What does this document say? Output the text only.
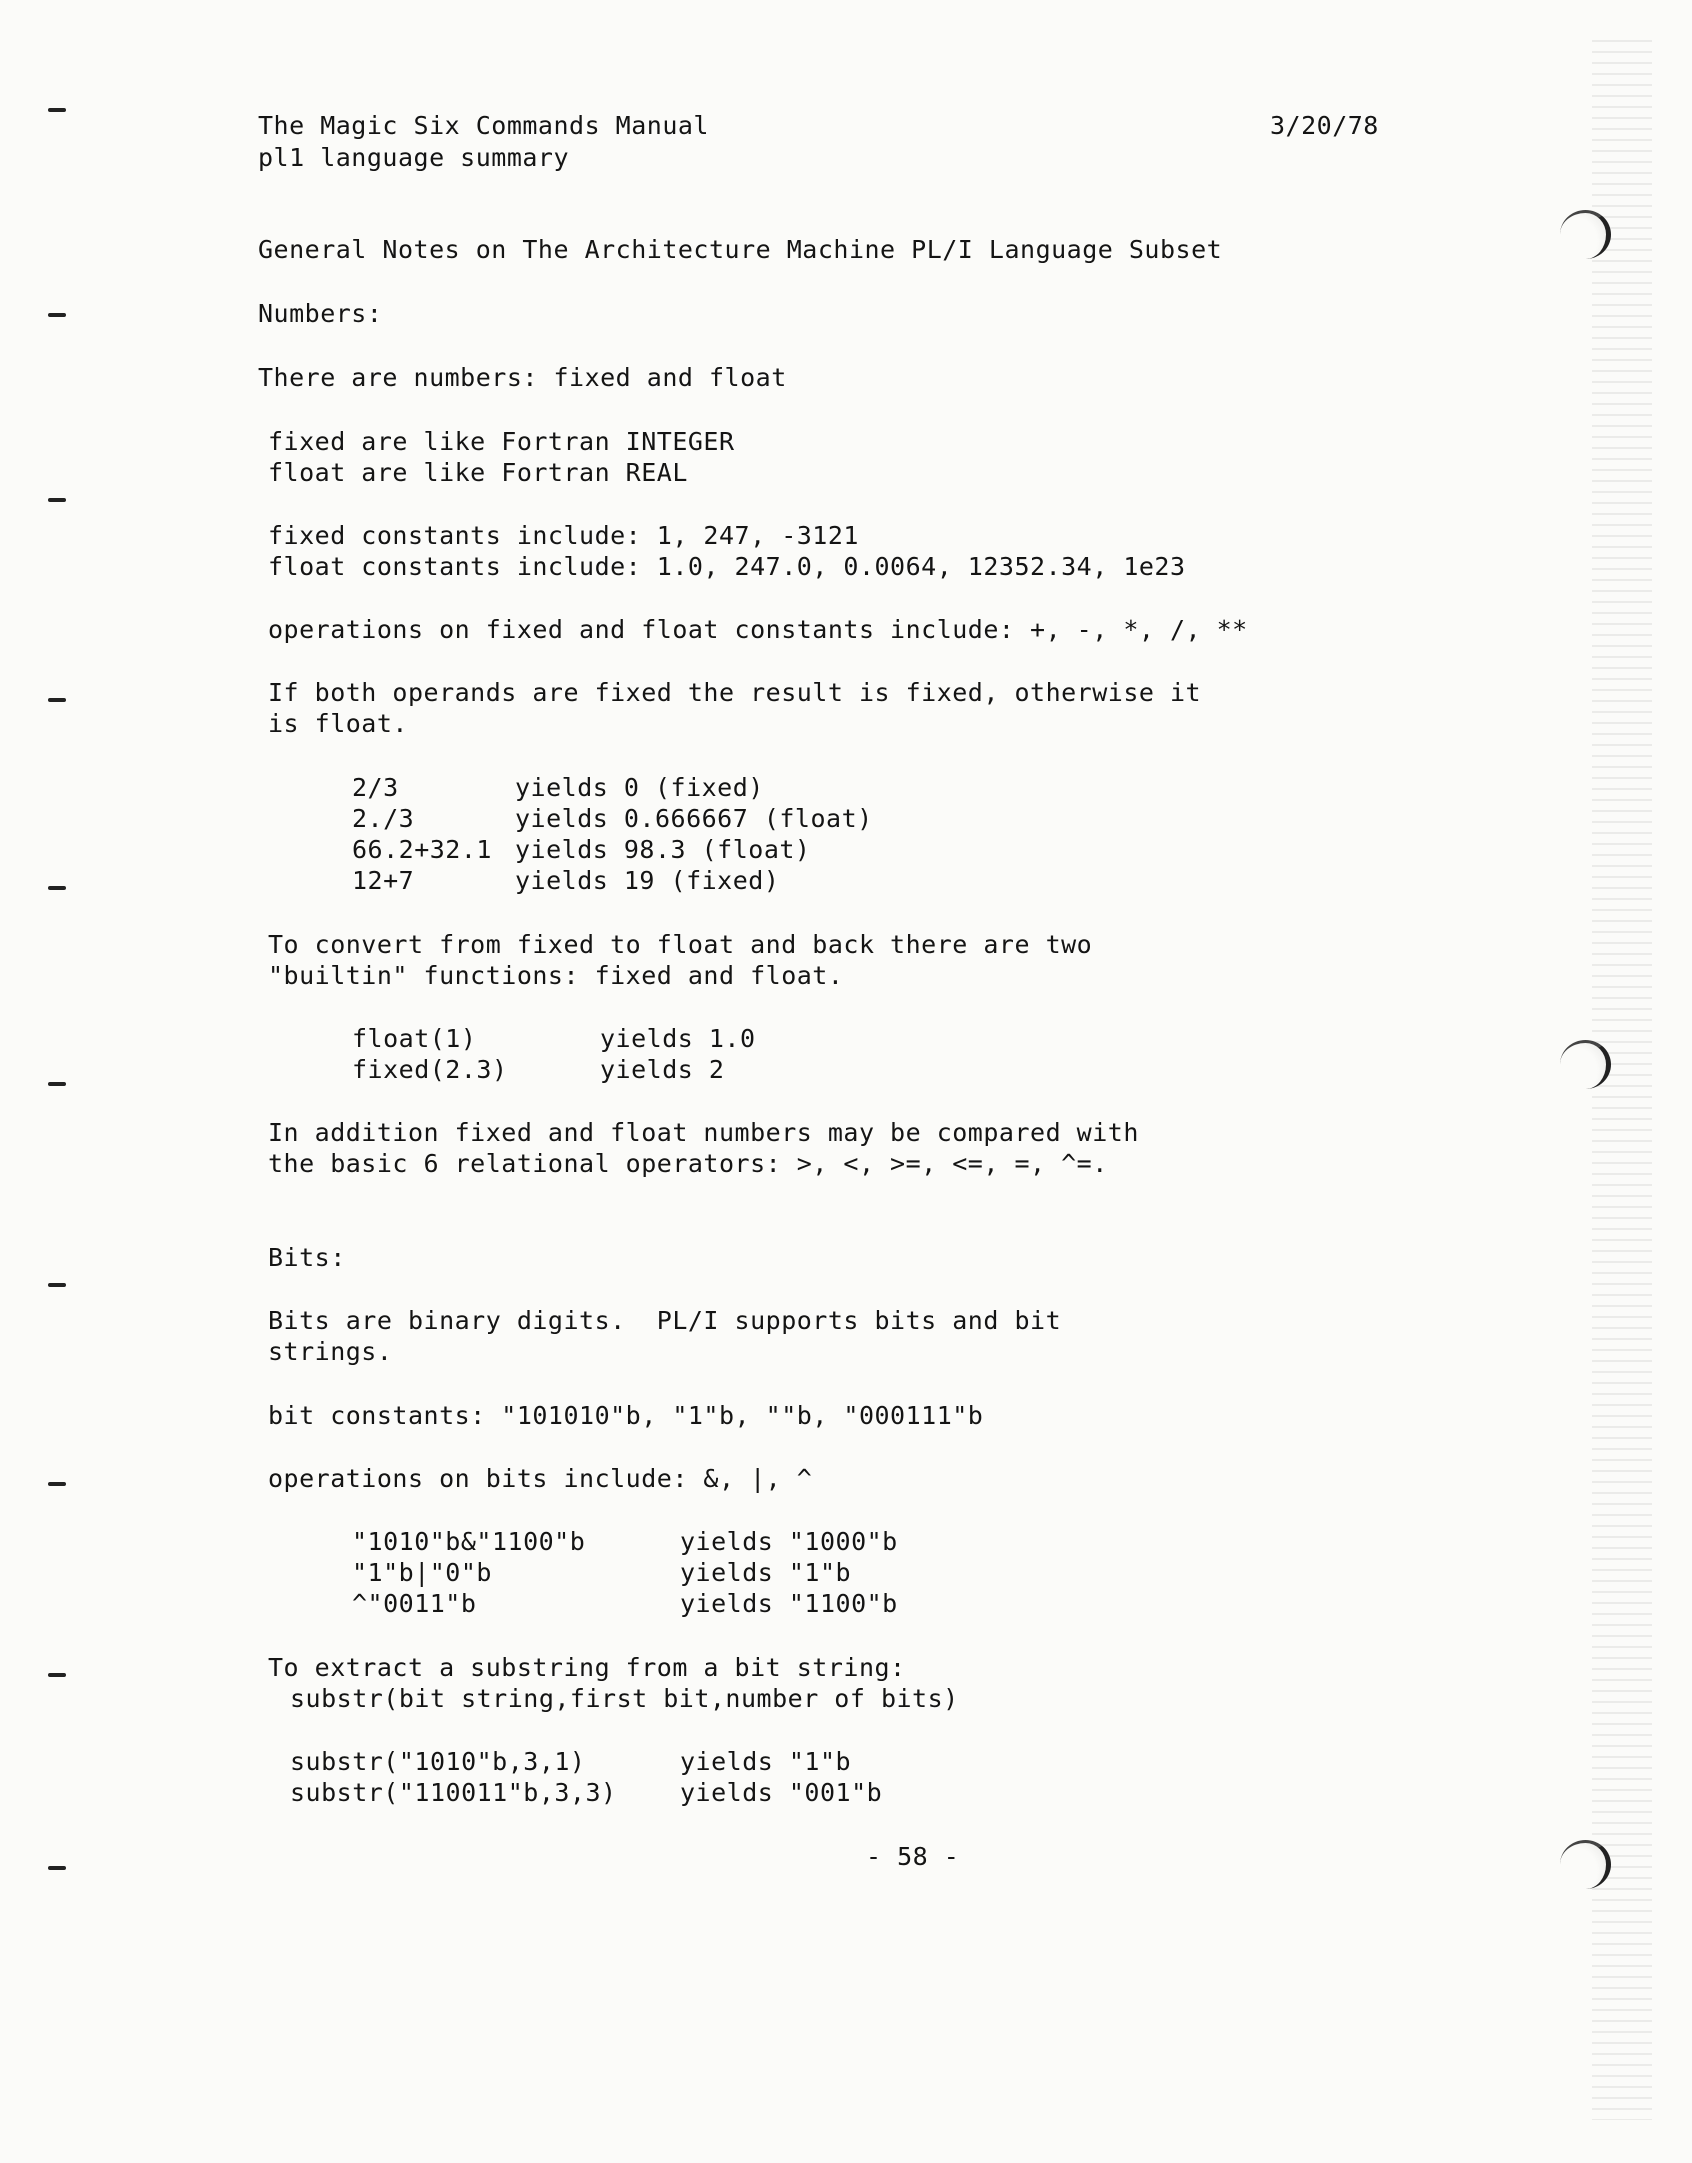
The Magic Six Commands Manual	3/20/78
pl1 language summary
General Notes on The Architecture Machine PL/I Language Subset
Numbers:
There are numbers: fixed and float
fixed are like Fortran INTEGER
float are like Fortran REAL
fixed constants include: 1, 247, -3121
float constants include: 1.0, 247.0, 0.0064, 12352.34, 1e23
operations on fixed and float constants include: +, -, *, /, **
If both operands are fixed the result is fixed, otherwise it
is float.
2/3	yields 0 (fixed)
2./3	yields 0.666667 (float)
66.2+32.1 yields 98.3 (float)
12+7	yields 19 (fixed)
To convert from fixed to float and back there are two
"builtin" functions: fixed and float.
float(1)	yields 1.0
fixed(2.3)	yields 2
In addition fixed and float numbers may be compared with
the basic 6 relational operators: >, <, >=, <=, =, ^=.
Bits:
Bits are binary digits.  PL/I supports bits and bit
strings.
bit constants: "101010"b, "1"b, ""b, "000111"b
operations on bits include: &, |, ^
"1010"b&"1100"b	yields "1000"b
"1"b|"0"b	yields "1"b
^"0011"b	yields "1100"b
To extract a substring from a bit string:
substr(bit string,first bit,number of bits)
substr("1010"b,3,1)	yields "1"b
substr("110011"b,3,3)	yields "001"b
- 58 -
